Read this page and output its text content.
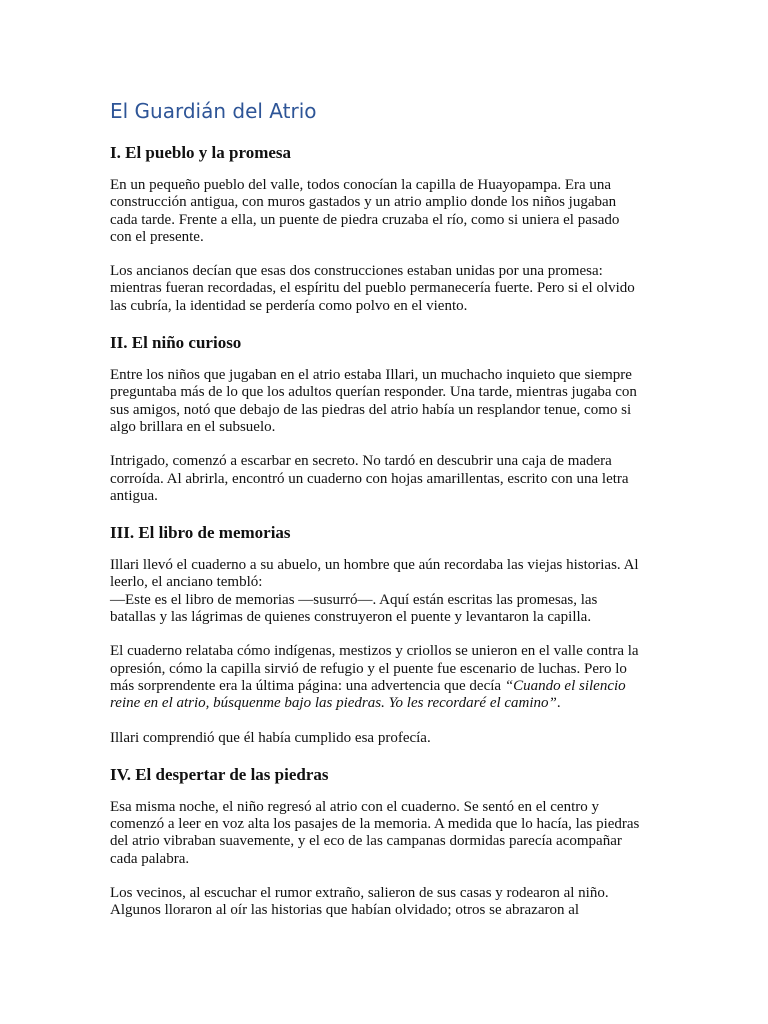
El Guardián del Atrio
I. El pueblo y la promesa

En un pequeño pueblo del valle, todos conocían la capilla de Huayopampa. Era una
construcción antigua, con muros gastados y un atrio amplio donde los niños jugaban
cada tarde. Frente a ella, un puente de piedra cruzaba el río, como si uniera el pasado
con el presente.

Los ancianos decían que esas dos construcciones estaban unidas por una promesa:
mientras fueran recordadas, el espíritu del pueblo permanecería fuerte. Pero si el olvido
las cubría, la identidad se perdería como polvo en el viento.

II. El niño curioso

Entre los niños que jugaban en el atrio estaba Illari, un muchacho inquieto que siempre
preguntaba más de lo que los adultos querían responder. Una tarde, mientras jugaba con
sus amigos, notó que debajo de las piedras del atrio había un resplandor tenue, como si
algo brillara en el subsuelo.

Intrigado, comenzó a escarbar en secreto. No tardó en descubrir una caja de madera
corroída. Al abrirla, encontró un cuaderno con hojas amarillentas, escrito con una letra
antigua.

III. El libro de memorias

Illari llevó el cuaderno a su abuelo, un hombre que aún recordaba las viejas historias. Al
leerlo, el anciano tembló:
—Este es el libro de memorias —susurró—. Aquí están escritas las promesas, las
batallas y las lágrimas de quienes construyeron el puente y levantaron la capilla.

El cuaderno relataba cómo indígenas, mestizos y criollos se unieron en el valle contra la
opresión, cómo la capilla sirvió de refugio y el puente fue escenario de luchas. Pero lo
más sorprendente era la última página: una advertencia que decía “Cuando el silencio
reine en el atrio, búsquenme bajo las piedras. Yo les recordaré el camino”.

Illari comprendió que él había cumplido esa profecía.

IV. El despertar de las piedras

Esa misma noche, el niño regresó al atrio con el cuaderno. Se sentó en el centro y
comenzó a leer en voz alta los pasajes de la memoria. A medida que lo hacía, las piedras
del atrio vibraban suavemente, y el eco de las campanas dormidas parecía acompañar
cada palabra.

Los vecinos, al escuchar el rumor extraño, salieron de sus casas y rodearon al niño.
Algunos lloraron al oír las historias que habían olvidado; otros se abrazaron al
